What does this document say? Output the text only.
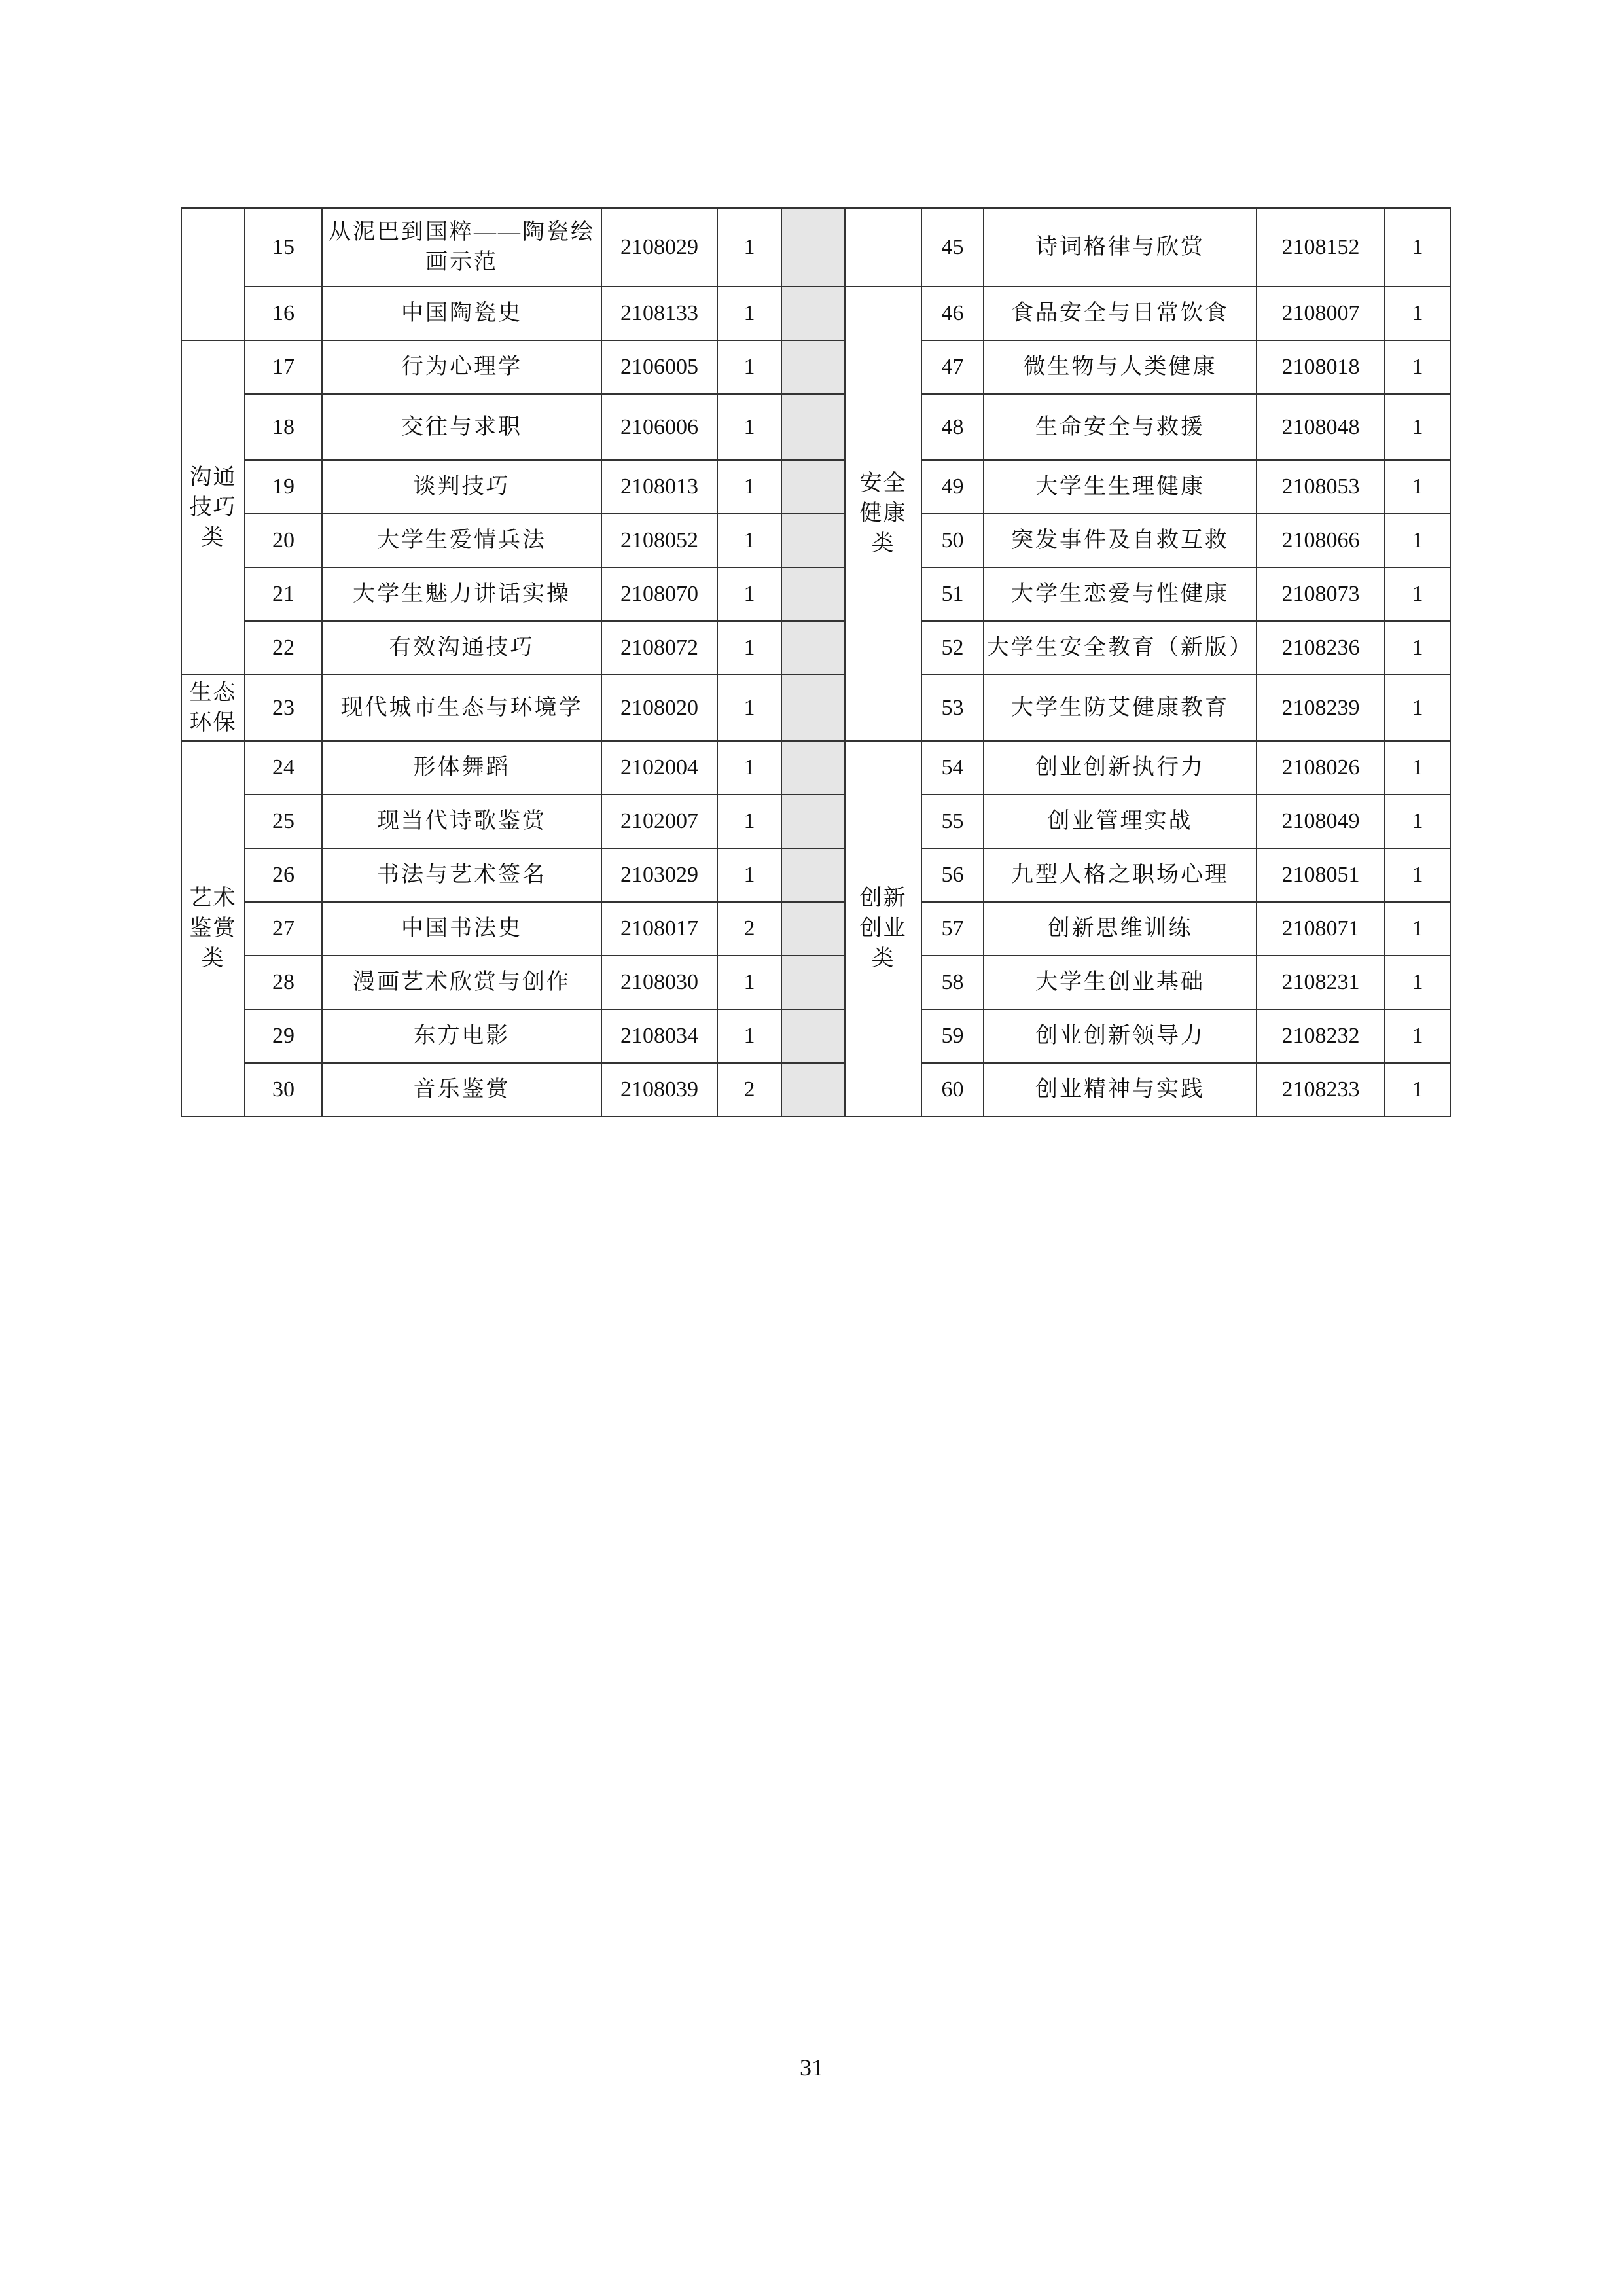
	15	从泥巴到国粹——陶瓷绘画示范	2108029	1			45	诗词格律与欣赏	2108152	1
	16	中国陶瓷史	2108133	1		安全健康类	46	食品安全与日常饮食	2108007	1
沟通技巧类	17	行为心理学	2106005	1			47	微生物与人类健康	2108018	1
	18	交往与求职	2106006	1			48	生命安全与救援	2108048	1
	19	谈判技巧	2108013	1			49	大学生生理健康	2108053	1
	20	大学生爱情兵法	2108052	1			50	突发事件及自救互救	2108066	1
	21	大学生魅力讲话实操	2108070	1			51	大学生恋爱与性健康	2108073	1
	22	有效沟通技巧	2108072	1			52	大学生安全教育（新版）	2108236	1
生态环保	23	现代城市生态与环境学	2108020	1			53	大学生防艾健康教育	2108239	1
艺术鉴赏类	24	形体舞蹈	2102004	1		创新创业类	54	创业创新执行力	2108026	1
	25	现当代诗歌鉴赏	2102007	1			55	创业管理实战	2108049	1
	26	书法与艺术签名	2103029	1			56	九型人格之职场心理	2108051	1
	27	中国书法史	2108017	2			57	创新思维训练	2108071	1
	28	漫画艺术欣赏与创作	2108030	1			58	大学生创业基础	2108231	1
	29	东方电影	2108034	1			59	创业创新领导力	2108232	1
	30	音乐鉴赏	2108039	2			60	创业精神与实践	2108233	1
31
